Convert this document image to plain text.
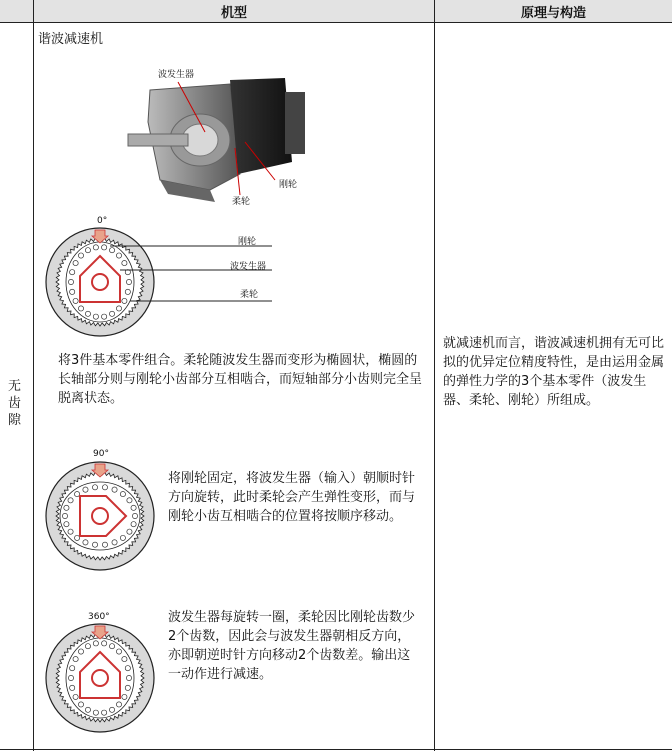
机型	原理与构造
无齿隙
谐波减速机
波发生器
刚轮
柔轮
0°
刚轮
波发生器
柔轮
将3件基本零件组合。柔轮随波发生器而变形为椭圆状，椭圆的长轴部分则与刚轮小齿部分互相啮合，而短轴部分小齿则完全呈脱离状态。
90°
将刚轮固定，将波发生器（输入）朝顺时针方向旋转，此时柔轮会产生弹性变形，而与刚轮小齿互相啮合的位置将按顺序移动。
360°	波发生器每旋转一圈，柔轮因比刚轮齿数少2个齿数，因此会与波发生器朝相反方向，亦即朝逆时针方向移动2个齿数差。输出这一动作进行减速。
就减速机而言，谐波减速机拥有无可比拟的优异定位精度特性，是由运用金属的弹性力学的3个基本零件（波发生器、柔轮、刚轮）所组成。
